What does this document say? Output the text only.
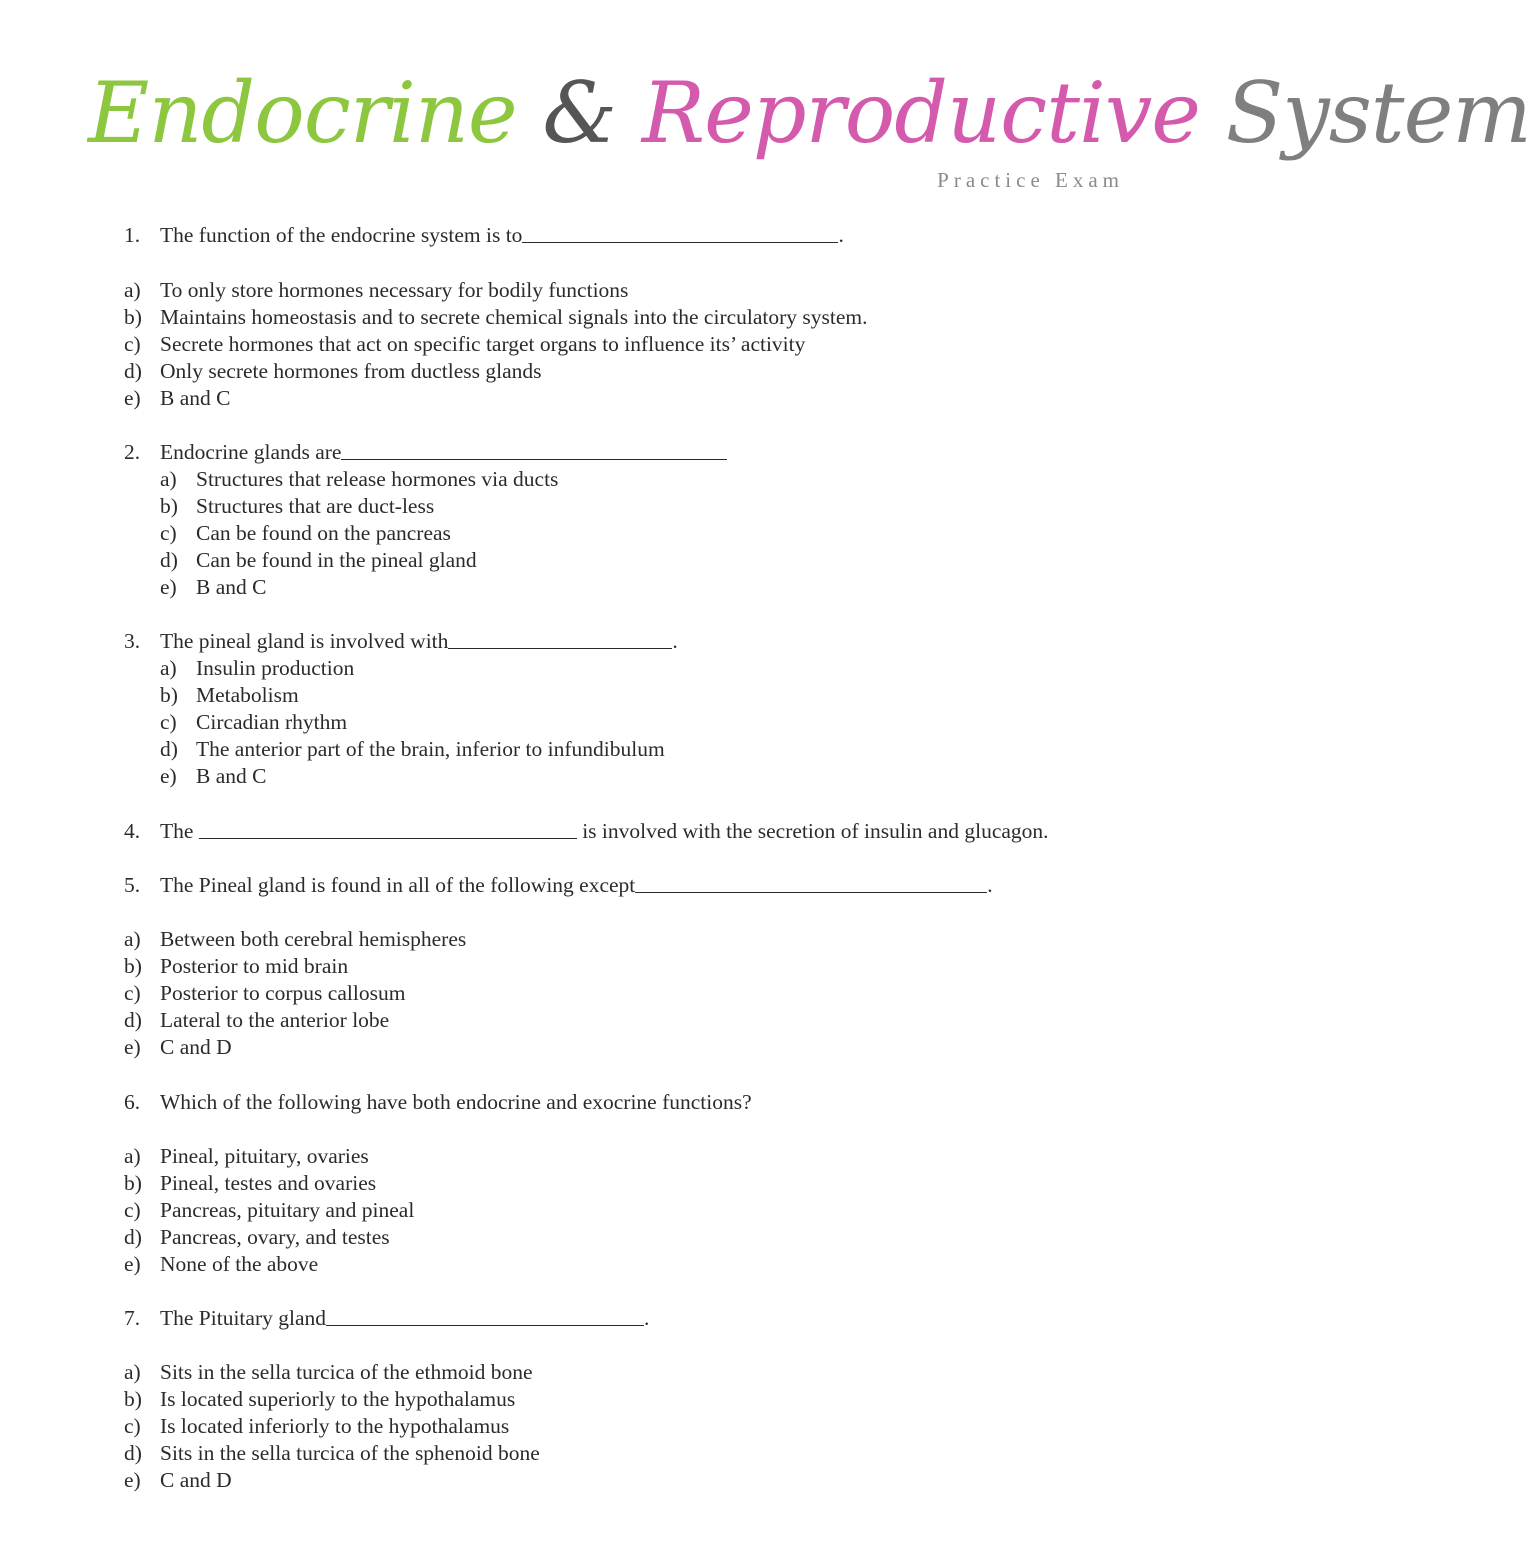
Endocrine & Reproductive System
Practice Exam
1. The function of the endocrine system is to	.
a) To only store hormones necessary for bodily functions
b) Maintains homeostasis and to secrete chemical signals into the circulatory system.
c) Secrete hormones that act on specific target organs to influence its’ activity
d) Only secrete hormones from ductless glands
e) B and C
2. Endocrine glands are
a) Structures that release hormones via ducts
b) Structures that are duct-less
c) Can be found on the pancreas
d) Can be found in the pineal gland
e) B and C
3. The pineal gland is involved with	.
a) Insulin production
b) Metabolism
c) Circadian rhythm
d) The anterior part of the brain, inferior to infundibulum
e) B and C
4. The	is involved with the secretion of insulin and glucagon.
5. The Pineal gland is found in all of the following except	.
a) Between both cerebral hemispheres
b) Posterior to mid brain
c) Posterior to corpus callosum
d) Lateral to the anterior lobe
e) C and D
6. Which of the following have both endocrine and exocrine functions?
a) Pineal, pituitary, ovaries
b) Pineal, testes and ovaries
c) Pancreas, pituitary and pineal
d) Pancreas, ovary, and testes
e) None of the above
7. The Pituitary gland	.
a) Sits in the sella turcica of the ethmoid bone
b) Is located superiorly to the hypothalamus
c) Is located inferiorly to the hypothalamus
d) Sits in the sella turcica of the sphenoid bone
e) C and D
